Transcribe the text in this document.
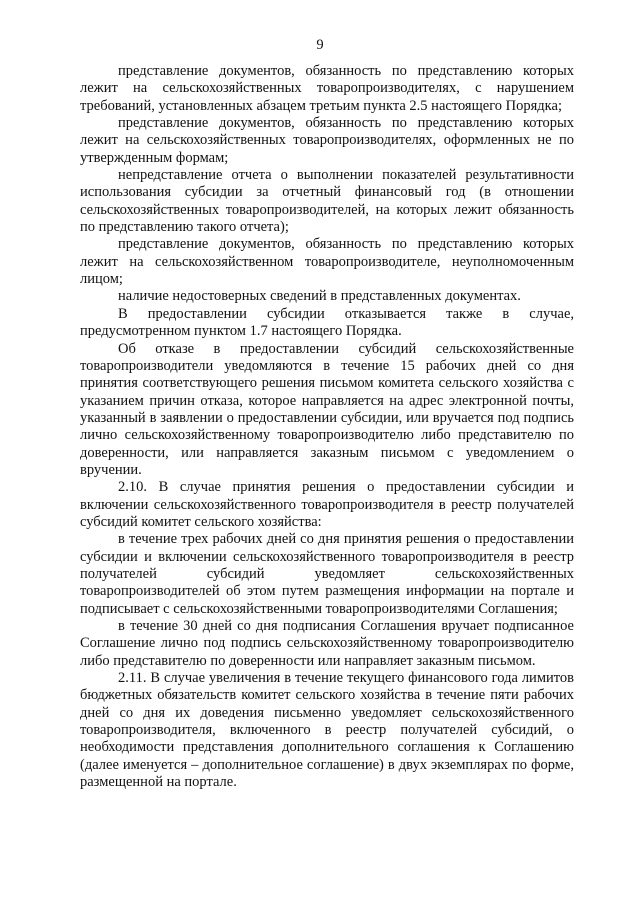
9

представление документов, обязанность по представлению которых лежит на сельскохозяйственных товаропроизводителях, с нарушением требований, установленных абзацем третьим пункта 2.5 настоящего Порядка;

представление документов, обязанность по представлению которых лежит на сельскохозяйственных товаропроизводителях, оформленных не по утвержденным формам;

непредставление отчета о выполнении показателей результативности использования субсидии за отчетный финансовый год (в отношении сельскохозяйственных товаропроизводителей, на которых лежит обязанность по представлению такого отчета);

представление документов, обязанность по представлению которых лежит на сельскохозяйственном товаропроизводителе, неуполномоченным лицом;

наличие недостоверных сведений в представленных документах.

В предоставлении субсидии отказывается также в случае, предусмотренном пунктом 1.7 настоящего Порядка.

Об отказе в предоставлении субсидий сельскохозяйственные товаропроизводители уведомляются в течение 15 рабочих дней со дня принятия соответствующего решения письмом комитета сельского хозяйства с указанием причин отказа, которое направляется на адрес электронной почты, указанный в заявлении о предоставлении субсидии, или вручается под подпись лично сельскохозяйственному товаропроизводителю либо представителю по доверенности, или направляется заказным письмом с уведомлением о вручении.

2.10. В случае принятия решения о предоставлении субсидии и включении сельскохозяйственного товаропроизводителя в реестр получателей субсидий комитет сельского хозяйства:

в течение трех рабочих дней со дня принятия решения о предоставлении субсидии и включении сельскохозяйственного товаропроизводителя в реестр получателей субсидий уведомляет сельскохозяйственных товаропроизводителей об этом путем размещения информации на портале и подписывает с сельскохозяйственными товаропроизводителями Соглашения;

в течение 30 дней со дня подписания Соглашения вручает подписанное Соглашение лично под подпись сельскохозяйственному товаропроизводителю либо представителю по доверенности или направляет заказным письмом.

2.11. В случае увеличения в течение текущего финансового года лимитов бюджетных обязательств комитет сельского хозяйства в течение пяти рабочих дней со дня их доведения письменно уведомляет сельскохозяйственного товаропроизводителя, включенного в реестр получателей субсидий, о необходимости представления дополнительного соглашения к Соглашению (далее именуется – дополнительное соглашение) в двух экземплярах по форме, размещенной на портале.
